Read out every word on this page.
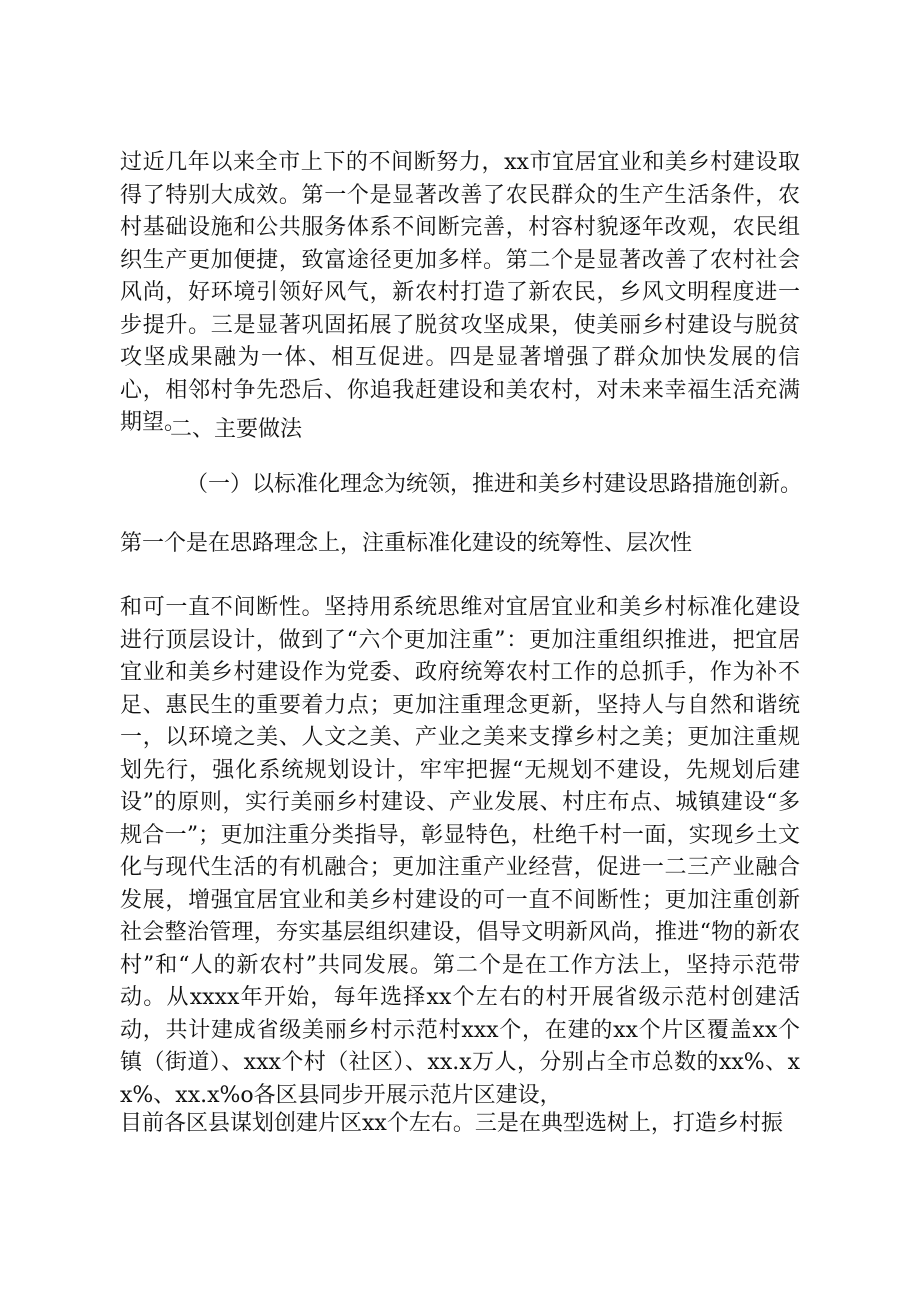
过近几年以来全市上下的不间断努力，xx市宜居宜业和美乡村建设取得了特别大成效。第一个是显著改善了农民群众的生产生活条件，农村基础设施和公共服务体系不间断完善，村容村貌逐年改观，农民组织生产更加便捷，致富途径更加多样。第二个是显著改善了农村社会风尚，好环境引领好风气，新农村打造了新农民，乡风文明程度进一步提升。三是显著巩固拓展了脱贫攻坚成果，使美丽乡村建设与脱贫攻坚成果融为一体、相互促进。四是显著增强了群众加快发展的信心，相邻村争先恐后、你追我赶建设和美农村，对未来幸福生活充满期望。

二、主要做法
（一）以标准化理念为统领，推进和美乡村建设思路措施创新。

第一个是在思路理念上，注重标准化建设的统筹性、层次性

和可一直不间断性。坚持用系统思维对宜居宜业和美乡村标准化建设进行顶层设计，做到了“六个更加注重”：更加注重组织推进，把宜居宜业和美乡村建设作为党委、政府统筹农村工作的总抓手，作为补不足、惠民生的重要着力点；更加注重理念更新，坚持人与自然和谐统一，以环境之美、人文之美、产业之美来支撑乡村之美；更加注重规划先行，强化系统规划设计，牢牢把握“无规划不建设，先规划后建设”的原则，实行美丽乡村建设、产业发展、村庄布点、城镇建设“多规合一”；更加注重分类指导，彰显特色，杜绝千村一面，实现乡土文化与现代生活的有机融合；更加注重产业经营，促进一二三产业融合发展，增强宜居宜业和美乡村建设的可一直不间断性；更加注重创新社会整治管理，夯实基层组织建设，倡导文明新风尚，推进“物的新农村”和“人的新农村”共同发展。第二个是在工作方法上，坚持示范带动。从xxxx年开始，每年选择xx个左右的村开展省级示范村创建活动，共计建成省级美丽乡村示范村xxx个，在建的xx个片区覆盖xx个镇（街道）、xxx个村（社区）、xx.x万人，分别占全市总数的xx%、xx%、xx.x%o各区县同步开展示范片区建设，

目前各区县谋划创建片区xx个左右。三是在典型选树上，打造乡村振
